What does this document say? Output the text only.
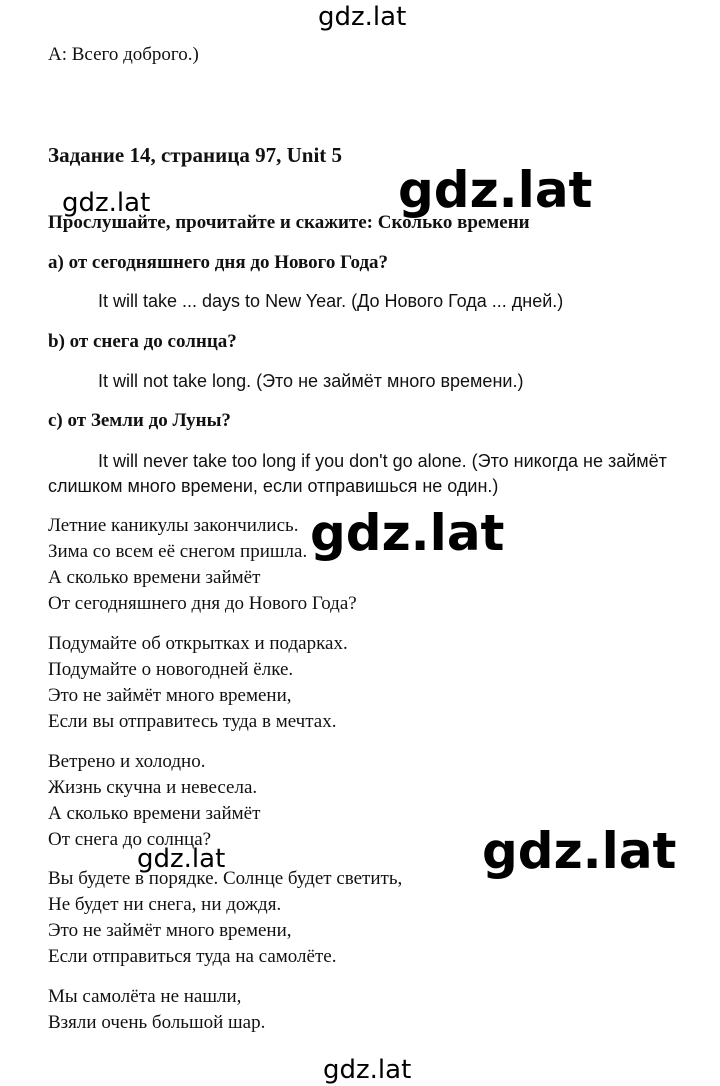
A: Всего доброго.)
Задание 14, страница 97, Unit 5
Прослушайте, прочитайте и скажите: Сколько времени
a) от сегодняшнего дня до Нового Года?
It will take ... days to New Year. (До Нового Года ... дней.)
b) от снега до солнца?
It will not take long. (Это не займёт много времени.)
c) от Земли до Луны?
It will never take too long if you don't go alone. (Это никогда не займёт
слишком много времени, если отправишься не один.)
Летние каникулы закончились.
Зима со всем её снегом пришла.
А сколько времени займёт
От сегодняшнего дня до Нового Года?
Подумайте об открытках и подарках.
Подумайте о новогодней ёлке.
Это не займёт много времени,
Если вы отправитесь туда в мечтах.
Ветрено и холодно.
Жизнь скучна и невесела.
А сколько времени займёт
От снега до солнца?
Вы будете в порядке. Солнце будет светить,
Не будет ни снега, ни дождя.
Это не займёт много времени,
Если отправиться туда на самолёте.
Мы самолёта не нашли,
Взяли очень большой шар.
gdz.lat
gdz.lat	gdz.lat
gdz.lat
gdz.lat	gdz.lat
gdz.lat
